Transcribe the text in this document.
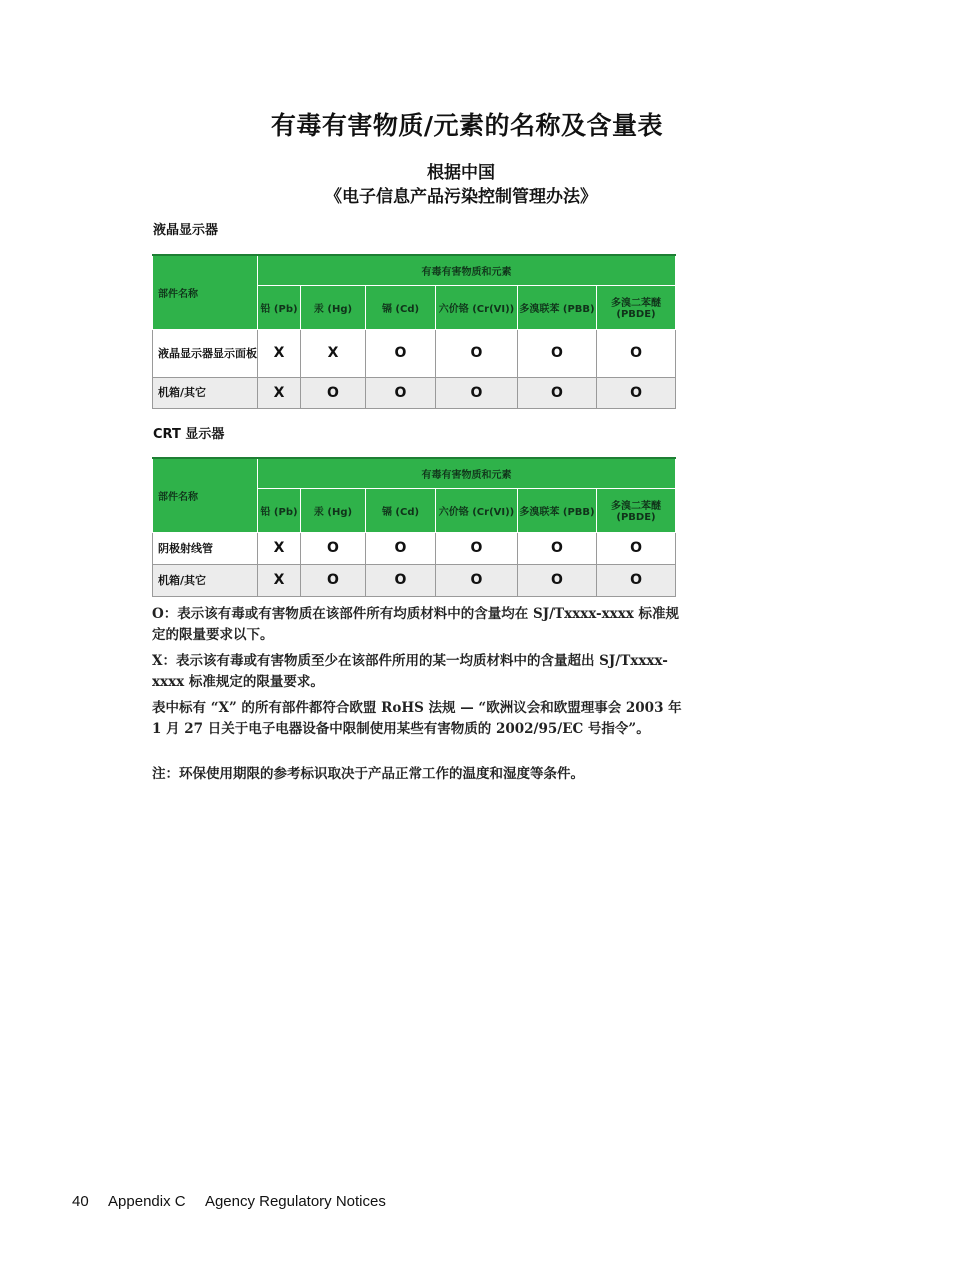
有毒有害物质/元素的名称及含量表
根据中国
《电子信息产品污染控制管理办法》
液晶显示器
部件名称	有毒有害物质和元素					
	铅 (Pb)	汞 (Hg)	镉 (Cd)	六价铬 (Cr(VI))	多溴联苯 (PBB)	多溴二苯醚 (PBDE)
液晶显示器显示面板	X	X	O	O	O	O
机箱/其它	X	O	O	O	O	O
CRT 显示器
部件名称	有毒有害物质和元素					
	铅 (Pb)	汞 (Hg)	镉 (Cd)	六价铬 (Cr(VI))	多溴联苯 (PBB)	多溴二苯醚 (PBDE)
阴极射线管	X	O	O	O	O	O
机箱/其它	X	O	O	O	O	O
O：表示该有毒或有害物质在该部件所有均质材料中的含量均在 SJ/Txxxx-xxxx 标准规定的限量要求以下。
X：表示该有毒或有害物质至少在该部件所用的某一均质材料中的含量超出 SJ/Txxxx-xxxx 标准规定的限量要求。
表中标有 “X” 的所有部件都符合欧盟 RoHS 法规 — “欧洲议会和欧盟理事会 2003 年 1 月 27 日关于电子电器设备中限制使用某些有害物质的 2002/95/EC 号指令”。
注：环保使用期限的参考标识取决于产品正常工作的温度和湿度等条件。
40 Appendix C Agency Regulatory Notices
